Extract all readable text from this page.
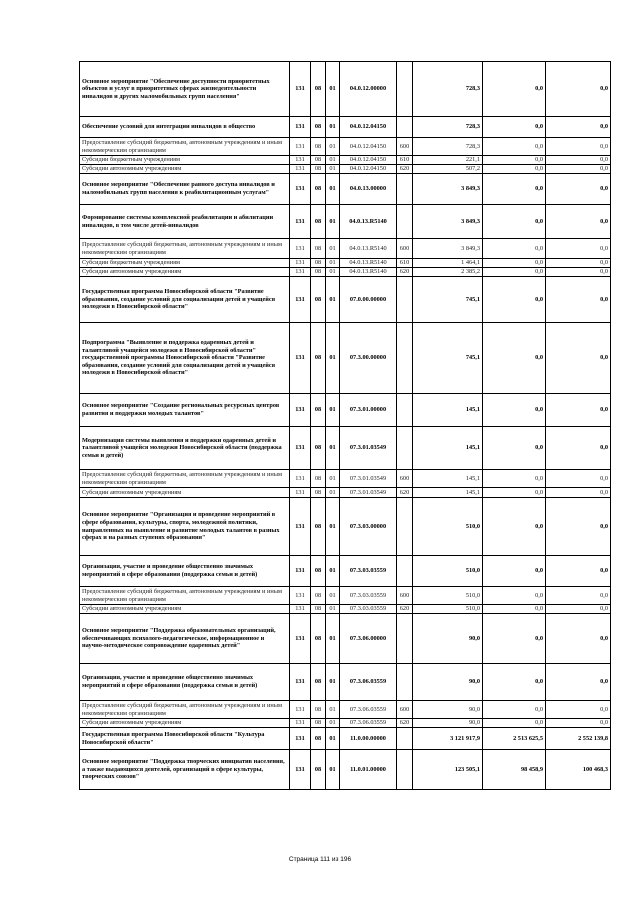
Основное мероприятие "Обеспечение доступности приоритетных объектов и услуг в приоритетных сферах жизнедеятельности инвалидов и других маломобильных групп населения"	131	08	01	04.0.12.00000		728,3	0,0	0,0
Обеспечение условий для интеграции инвалидов в общество	131	08	01	04.0.12.04150		728,3	0,0	0,0
Предоставление субсидий бюджетным, автономным учреждениям и иным некоммерческим организациям	131	08	01	04.0.12.04150	600	728,3	0,0	0,0
Субсидии бюджетным учреждениям	131	08	01	04.0.12.04150	610	221,1	0,0	0,0
Субсидии автономным учреждениям	131	08	01	04.0.12.04150	620	507,2	0,0	0,0
Основное мероприятие "Обеспечение равного доступа инвалидов и маломобильных групп населения к реабилитационным услугам"	131	08	01	04.0.13.00000		3 849,3	0,0	0,0
Формирование системы комплексной реабилитации и абилитации инвалидов, в том числе детей-инвалидов	131	08	01	04.0.13.R5140		3 849,3	0,0	0,0
Предоставление субсидий бюджетным, автономным учреждениям и иным некоммерческим организациям	131	08	01	04.0.13.R5140	600	3 849,3	0,0	0,0
Субсидии бюджетным учреждениям	131	08	01	04.0.13.R5140	610	1 464,1	0,0	0,0
Субсидии автономным учреждениям	131	08	01	04.0.13.R5140	620	2 385,2	0,0	0,0
Государственная программа Новосибирской области "Развитие образования, создание условий для социализации детей и учащейся молодежи в Новосибирской области"	131	08	01	07.0.00.00000		745,1	0,0	0,0
Подпрограмма "Выявление и поддержка одаренных детей и талантливой учащейся молодежи в Новосибирской области" государственной программы Новосибирской области "Развитие образования, создание условий для социализации детей и учащейся молодежи в Новосибирской области"	131	08	01	07.3.00.00000		745,1	0,0	0,0
Основное мероприятие "Создание региональных ресурсных центров развития и поддержки молодых талантов"	131	08	01	07.3.01.00000		145,1	0,0	0,0
Модернизация системы выявления и поддержки одаренных детей и талантливой учащейся молодежи Новосибирской области (поддержка семьи и детей)	131	08	01	07.3.01.03549		145,1	0,0	0,0
Предоставление субсидий бюджетным, автономным учреждениям и иным некоммерческим организациям	131	08	01	07.3.01.03549	600	145,1	0,0	0,0
Субсидии автономным учреждениям	131	08	01	07.3.01.03549	620	145,1	0,0	0,0
Основное мероприятие "Организация и проведение мероприятий в сфере образования, культуры, спорта, молодежной политики, направленных на выявление и развитие молодых талантов в разных сферах и на разных ступенях образования"	131	08	01	07.3.03.00000		510,0	0,0	0,0
Организация, участие и проведение общественно значимых мероприятий в сфере образования (поддержка семьи и детей)	131	08	01	07.3.03.03559		510,0	0,0	0,0
Предоставление субсидий бюджетным, автономным учреждениям и иным некоммерческим организациям	131	08	01	07.3.03.03559	600	510,0	0,0	0,0
Субсидии автономным учреждениям	131	08	01	07.3.03.03559	620	510,0	0,0	0,0
Основное мероприятие "Поддержка образовательных организаций, обеспечивающих психолого-педагогическое, информационное и научно-методическое сопровождение одаренных детей"	131	08	01	07.3.06.00000		90,0	0,0	0,0
Организация, участие и проведение общественно значимых мероприятий в сфере образования (поддержка семьи и детей)	131	08	01	07.3.06.03559		90,0	0,0	0,0
Предоставление субсидий бюджетным, автономным учреждениям и иным некоммерческим организациям	131	08	01	07.3.06.03559	600	90,0	0,0	0,0
Субсидии автономным учреждениям	131	08	01	07.3.06.03559	620	90,0	0,0	0,0
Государственная программа Новосибирской области "Культура Новосибирской области"	131	08	01	11.0.00.00000		3 121 917,9	2 513 625,5	2 552 139,8
Основное мероприятие "Поддержка творческих инициатив населения, а также выдающихся деятелей, организаций в сфере культуры, творческих союзов"	131	08	01	11.0.01.00000		123 505,1	98 458,9	100 468,3
Страница 111 из 196
